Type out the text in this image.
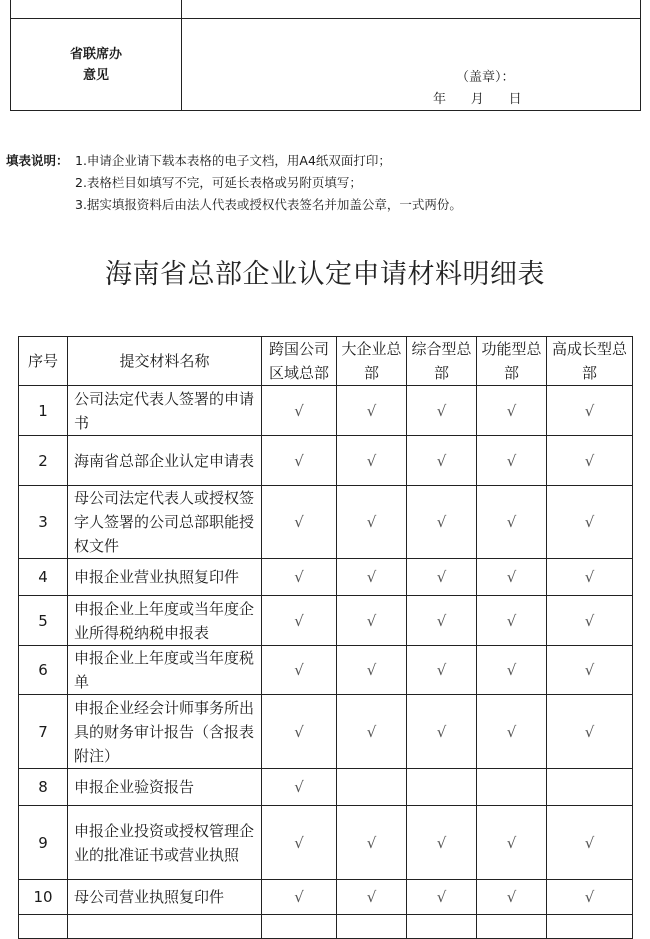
省联席办
意见	
		（盖章）：
年      月      日
填表说明： 1.申请企业请下载本表格的电子文档，用A4纸双面打印；
2.表格栏目如填写不完，可延长表格或另附页填写；
3.据实填报资料后由法人代表或授权代表签名并加盖公章，一式两份。
海南省总部企业认定申请材料明细表
序号	提交材料名称	跨国公司区域总部	大企业总部	综合型总部	功能型总部	高成长型总部
1	公司法定代表人签署的申请书	√	√	√	√	√
2	海南省总部企业认定申请表	√	√	√	√	√
3	母公司法定代表人或授权签字人签署的公司总部职能授权文件	√	√	√	√	√
4	申报企业营业执照复印件	√	√	√	√	√
5	申报企业上年度或当年度企业所得税纳税申报表	√	√	√	√	√
6	申报企业上年度或当年度税单	√	√	√	√	√
7	申报企业经会计师事务所出具的财务审计报告（含报表附注）	√	√	√	√	√
8	申报企业验资报告	√				
9	申报企业投资或授权管理企业的批准证书或营业执照	√	√	√	√	√
10	母公司营业执照复印件	√	√	√	√	√
